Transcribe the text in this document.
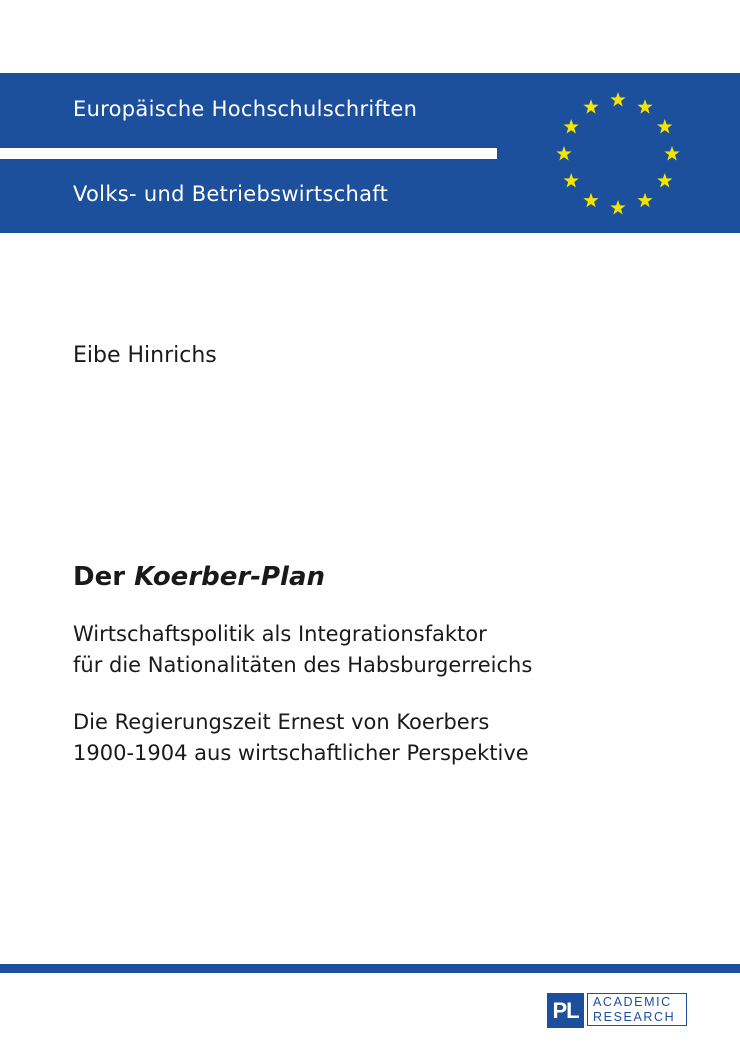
Europäische Hochschulschriften
Volks- und Betriebswirtschaft
Eibe Hinrichs
Der Koerber-Plan
Wirtschaftspolitik als Integrationsfaktor
für die Nationalitäten des Habsburgerreichs
Die Regierungszeit Ernest von Koerbers
1900-1904 aus wirtschaftlicher Perspektive
PL	ACADEMIC
RESEARCH
